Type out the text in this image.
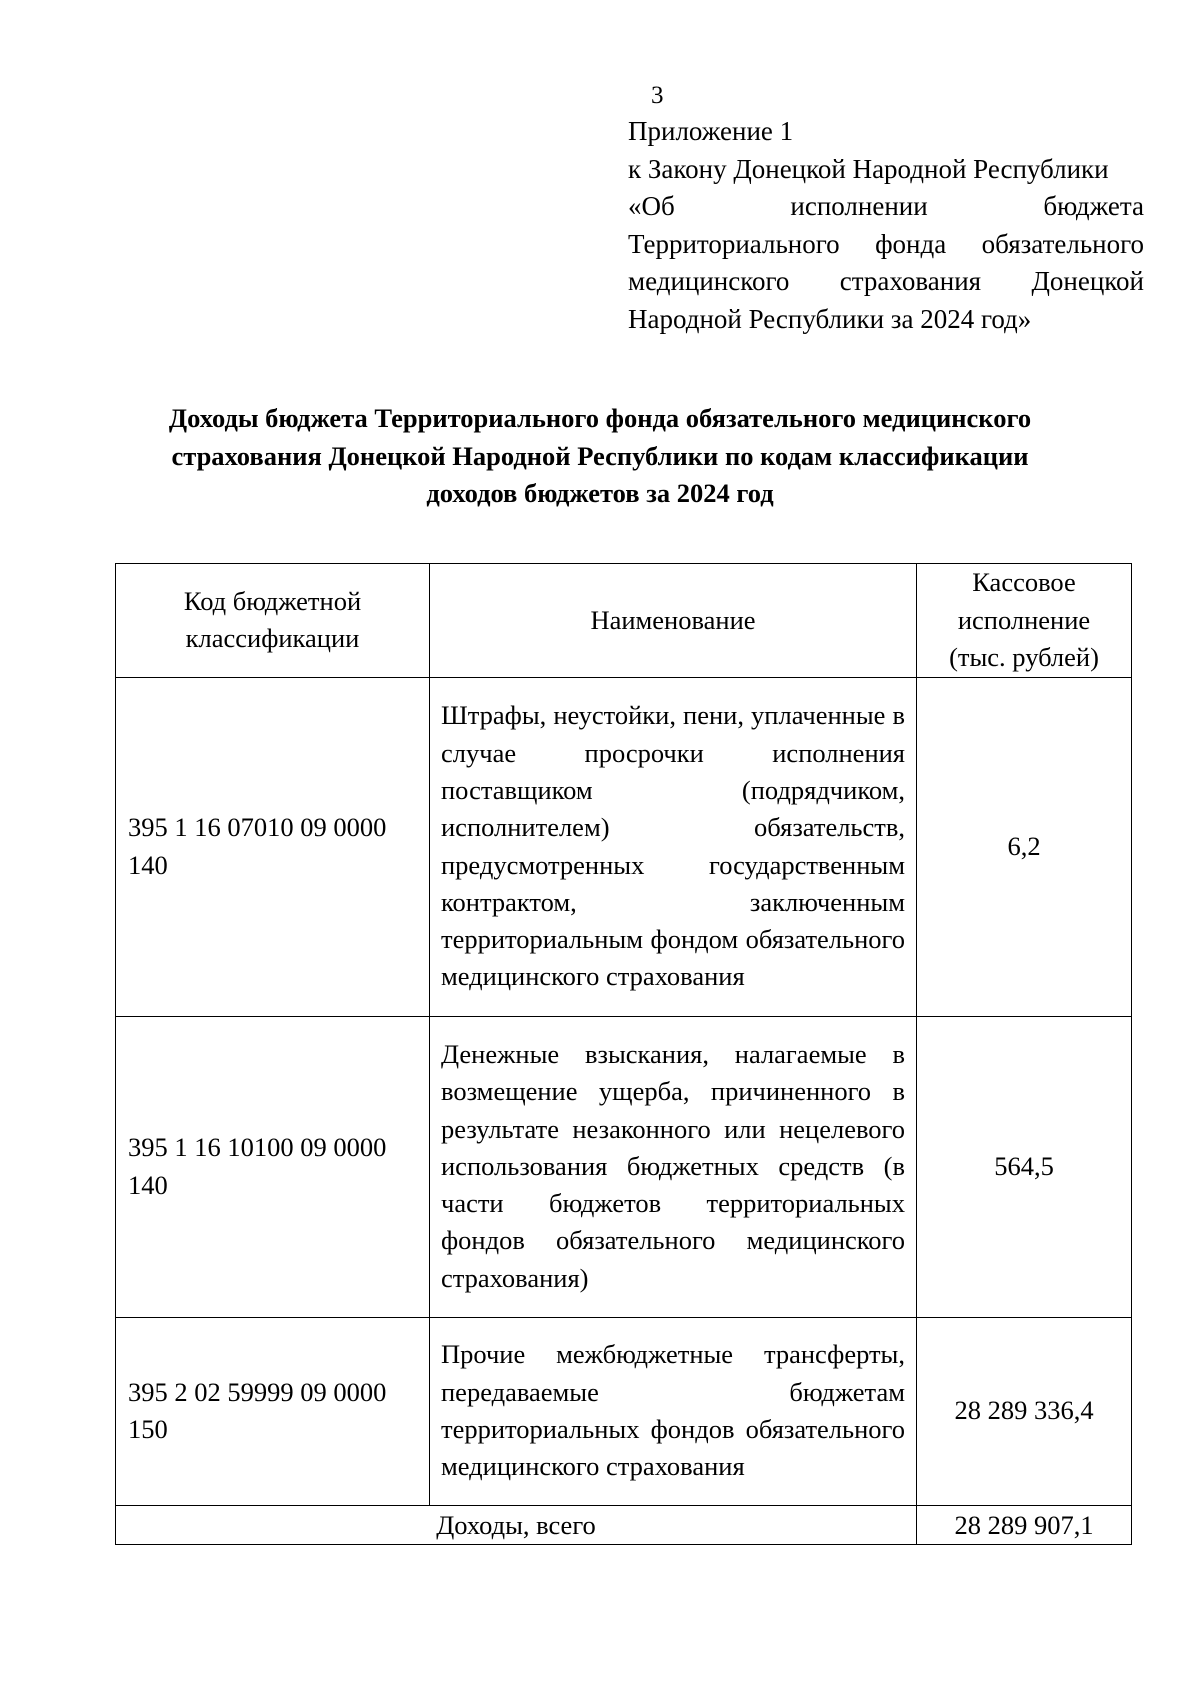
3
Приложение 1
к Закону Донецкой Народной Республики
«Об исполнении бюджета
Территориального фонда обязательного
медицинского страхования Донецкой
Народной Республики за 2024 год»
Доходы бюджета Территориального фонда обязательного медицинского
страхования Донецкой Народной Республики по кодам классификации
доходов бюджетов за 2024 год
Код бюджетной классификации	Наименование	Кассовое исполнение (тыс. рублей)

395 1 16 07010 09 0000 140	Штрафы, неустойки, пени, уплаченные в случае просрочки исполнения поставщиком (подрядчиком, исполнителем) обязательств, предусмотренных государственным контрактом, заключенным территориальным фондом обязательного медицинского страхования	6,2
395 1 16 10100 09 0000 140	Денежные взыскания, налагаемые в возмещение ущерба, причиненного в результате незаконного или нецелевого использования бюджетных средств (в части бюджетов территориальных фондов обязательного медицинского страхования)	564,5
395 2 02 59999 09 0000 150	Прочие межбюджетные трансферты, передаваемые бюджетам территориальных фондов обязательного медицинского страхования	28 289 336,4
Доходы, всего		28 289 907,1
